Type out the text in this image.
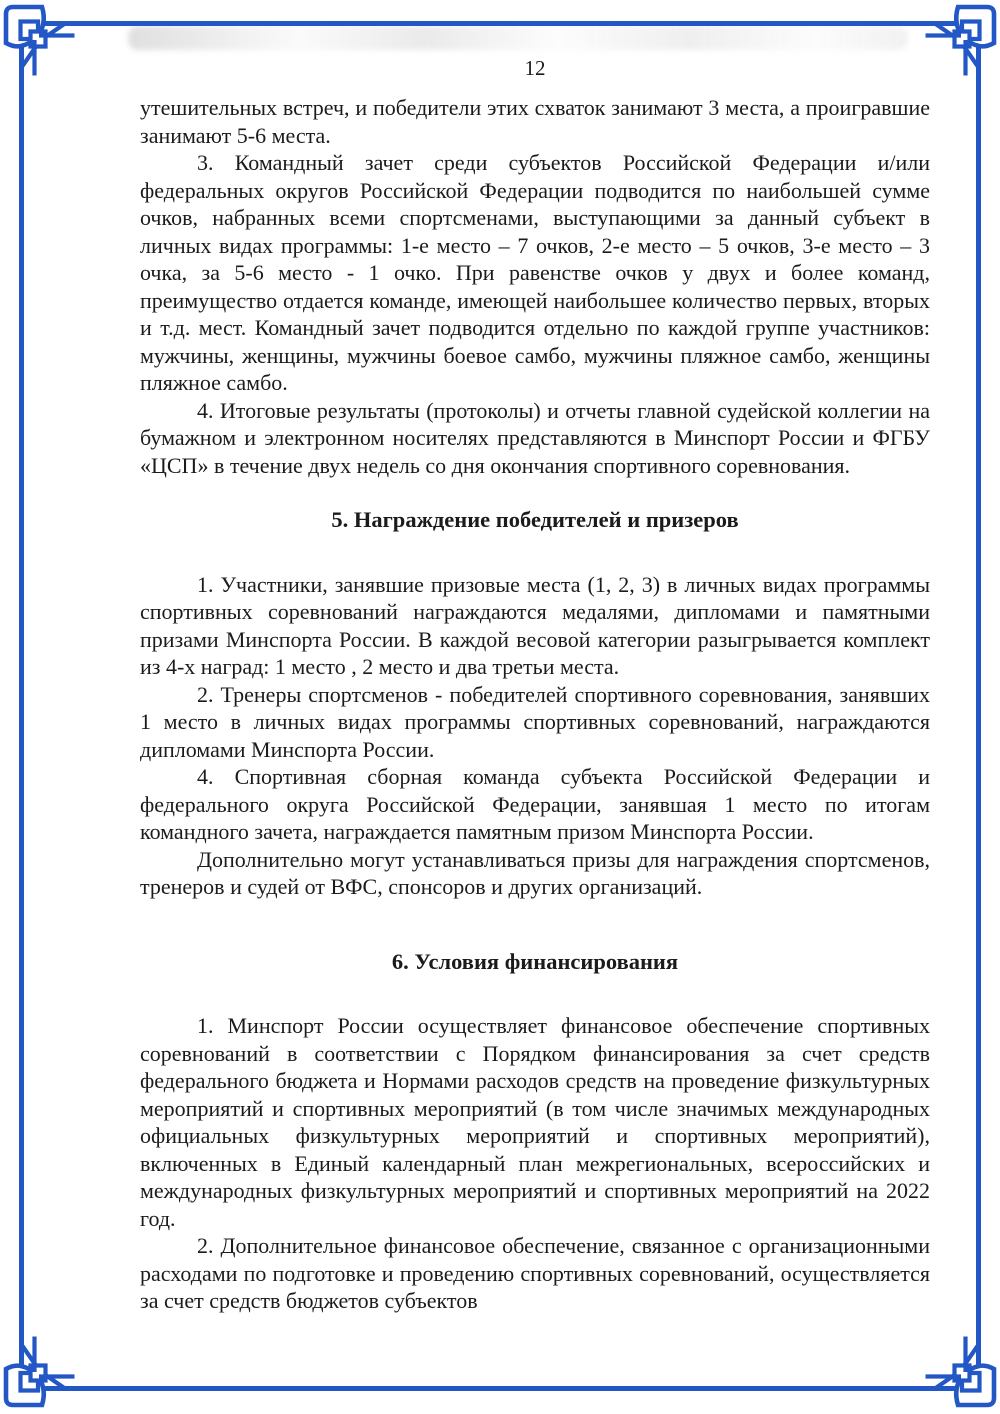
12

утешительных встреч, и победители этих схваток занимают 3 места, а проигравшие занимают 5-6 места.

3. Командный зачет среди субъектов Российской Федерации и/или федеральных округов Российской Федерации подводится по наибольшей сумме очков, набранных всеми спортсменами, выступающими за данный субъект в личных видах программы: 1-е место – 7 очков, 2-е место – 5 очков, 3-е место – 3 очка, за 5-6 место - 1 очко. При равенстве очков у двух и более команд, преимущество отдается команде, имеющей наибольшее количество первых, вторых и т.д. мест. Командный зачет подводится отдельно по каждой группе участников: мужчины, женщины, мужчины боевое самбо, мужчины пляжное самбо, женщины пляжное самбо.

4. Итоговые результаты (протоколы) и отчеты главной судейской коллегии на бумажном и электронном носителях представляются в Минспорт России и ФГБУ «ЦСП» в течение двух недель со дня окончания спортивного соревнования.

5. Награждение победителей и призеров

1. Участники, занявшие призовые места (1, 2, 3) в личных видах программы спортивных соревнований награждаются медалями, дипломами и памятными призами Минспорта России. В каждой весовой категории разыгрывается комплект из 4-х наград: 1 место , 2 место и два третьи места.

2. Тренеры спортсменов - победителей спортивного соревнования, занявших 1 место в личных видах программы спортивных соревнований, награждаются дипломами Минспорта России.

4. Спортивная сборная команда субъекта Российской Федерации и федерального округа Российской Федерации, занявшая 1 место по итогам командного зачета, награждается памятным призом Минспорта России.

Дополнительно могут устанавливаться призы для награждения спортсменов, тренеров и судей от ВФС, спонсоров и других организаций.

6. Условия финансирования

1. Минспорт России осуществляет финансовое обеспечение спортивных соревнований в соответствии с Порядком финансирования за счет средств федерального бюджета и Нормами расходов средств на проведение физкультурных мероприятий и спортивных мероприятий (в том числе значимых международных официальных физкультурных мероприятий и спортивных мероприятий), включенных в Единый календарный план межрегиональных, всероссийских и международных физкультурных мероприятий и спортивных мероприятий на 2022 год.

2. Дополнительное финансовое обеспечение, связанное с организационными расходами по подготовке и проведению спортивных соревнований, осуществляется за счет средств бюджетов субъектов
